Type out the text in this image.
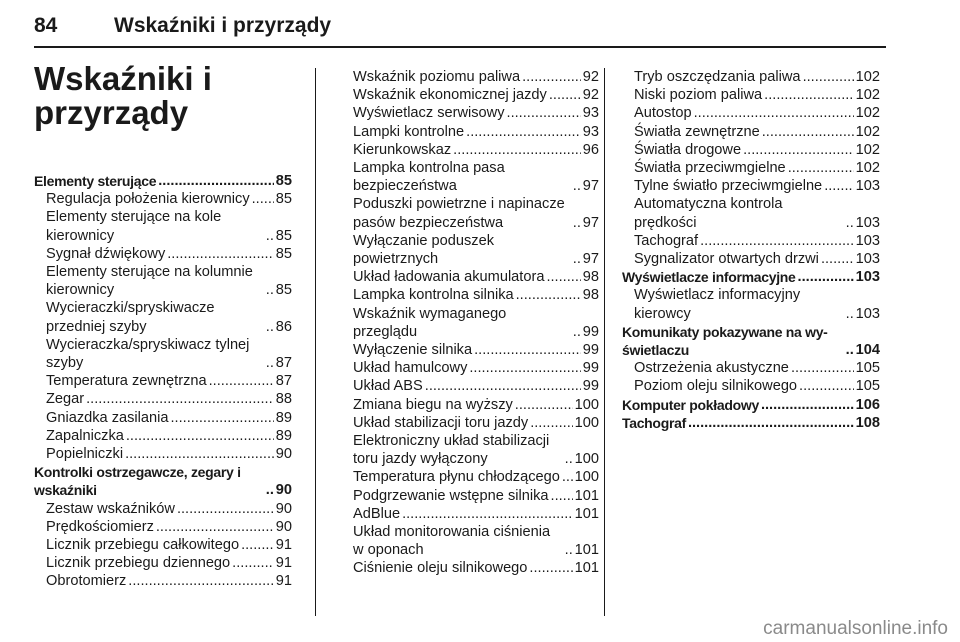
84	Wskaźniki i przyrządy
Wskaźniki i przyrządy
Elementy sterujące .....	85
Regulacja położenia kierownicy ..... 85
Elementy sterujące na kole kierownicy .....	85
Sygnał dźwiękowy .....	85
Elementy sterujące na kolumnie kierownicy .....	85
Wycieraczki/spryskiwacze przedniej szyby .....	86
Wycieraczka/spryskiwacz tylnej szyby .....	87
Temperatura zewnętrzna .....	87
Zegar .....	88
Gniazdka zasilania .....	89
Zapalniczka .....	89
Popielniczki .....	90
Kontrolki ostrzegawcze, zegary i wskaźniki .....	90
Zestaw wskaźników .....	90
Prędkościomierz .....	90
Licznik przebiegu całkowitego .....	91
Licznik przebiegu dziennego .....	91
Obrotomierz .....	91
Wskaźnik poziomu paliwa .....	92
Wskaźnik ekonomicznej jazdy ..... 92
Wyświetlacz serwisowy .....	93
Lampki kontrolne .....	93
Kierunkowskaz .....	96
Lampka kontrolna pasa bezpieczeństwa .....	97
Poduszki powietrzne i napinacze pasów bezpieczeństwa .....	97
Wyłączanie poduszek powietrznych .....	97
Układ ładowania akumulatora .....	98
Lampka kontrolna silnika .....	98
Wskaźnik wymaganego przeglądu .....	99
Wyłączenie silnika .....	99
Układ hamulcowy .....	99
Układ ABS .....	99
Zmiana biegu na wyższy .....	100
Układ stabilizacji toru jazdy .....	100
Elektroniczny układ stabilizacji toru jazdy wyłączony .....	100
Temperatura płynu chłodzącego ..... 100
Podgrzewanie wstępne silnika ..... 101
AdBlue .....	101
Układ monitorowania ciśnienia w oponach .....	101
Ciśnienie oleju silnikowego .....	101
Tryb oszczędzania paliwa .....	102
Niski poziom paliwa .....	102
Autostop .....	102
Światła zewnętrzne .....	102
Światła drogowe .....	102
Światła przeciwmgielne .....	102
Tylne światło przeciwmgielne ..... 103
Automatyczna kontrola prędkości .....	103
Tachograf .....	103
Sygnalizator otwartych drzwi .....	103
Wyświetlacze informacyjne .....	103
Wyświetlacz informacyjny kierowcy .....	103
Komunikaty pokazywane na wy-świetlaczu .....	104
Ostrzeżenia akustyczne .....	105
Poziom oleju silnikowego .....	105
Komputer pokładowy .....	106
Tachograf .....	108
carmanualsonline.info
